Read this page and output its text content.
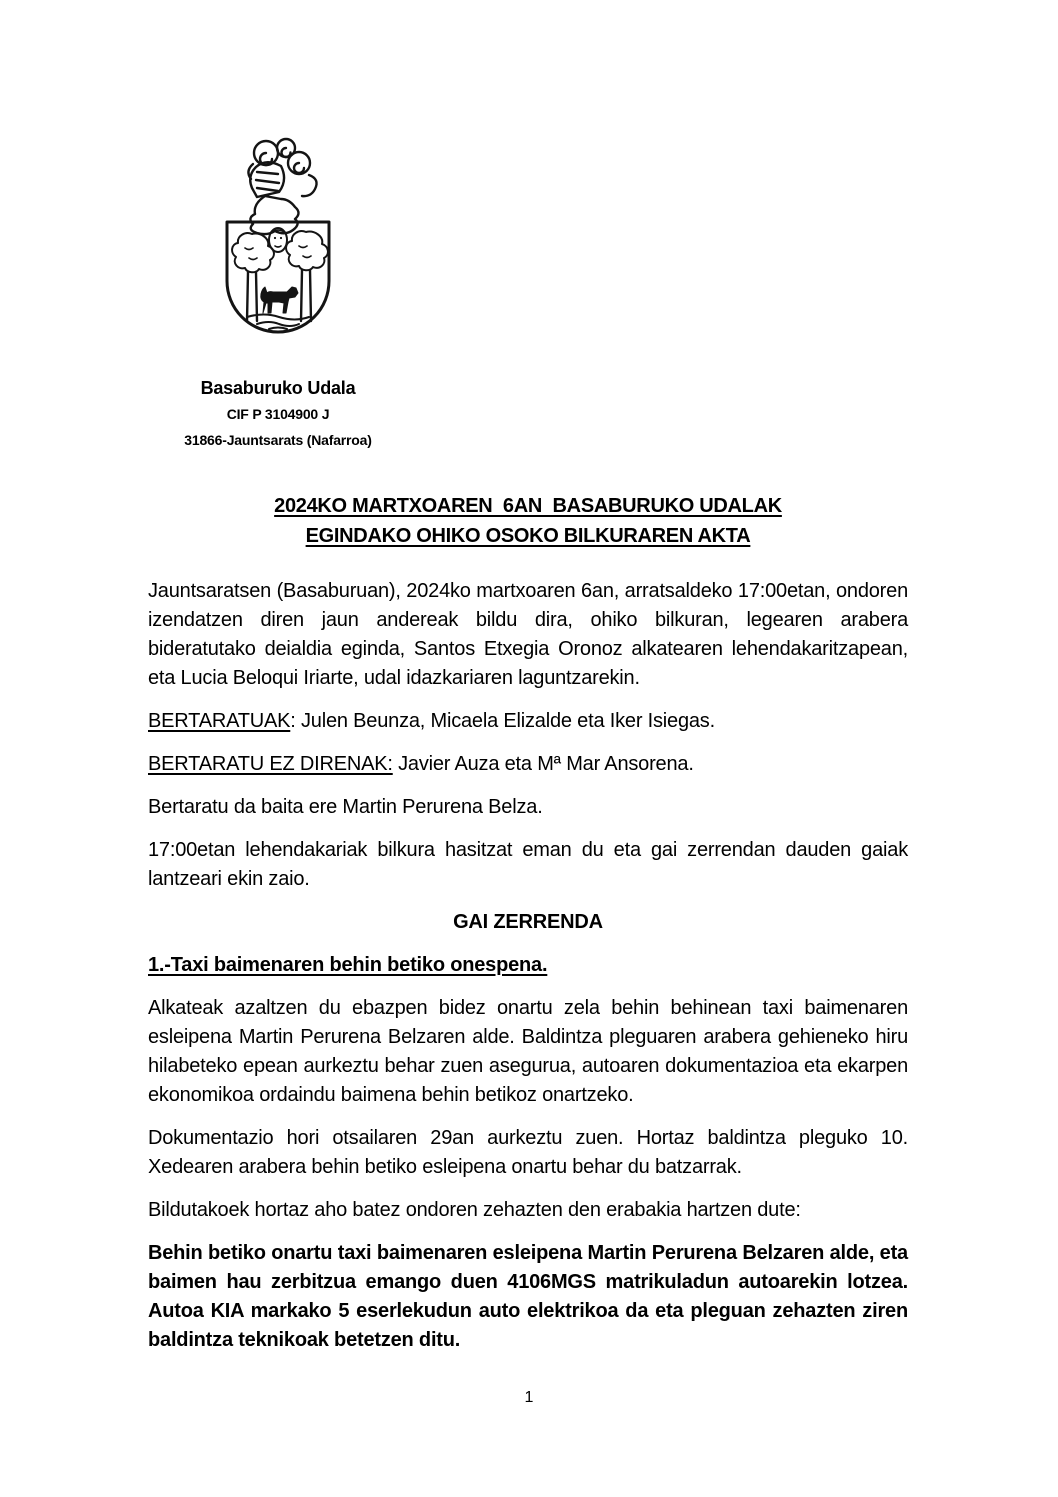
Basaburuko Udala
CIF P 3104900 J
31866-Jauntsarats (Nafarroa)
2024KO MARTXOAREN  6AN  BASABURUKO UDALAK
EGINDAKO OHIKO OSOKO BILKURAREN AKTA

Jauntsaratsen (Basaburuan), 2024ko martxoaren 6an, arratsaldeko 17:00etan, ondoren izendatzen diren jaun andereak bildu dira, ohiko bilkuran, legearen arabera bideratutako deialdia eginda, Santos Etxegia Oronoz alkatearen lehendakaritzapean, eta Lucia Beloqui Iriarte, udal idazkariaren laguntzarekin.

BERTARATUAK: Julen Beunza, Micaela Elizalde eta Iker Isiegas.

BERTARATU EZ DIRENAK: Javier Auza eta Mª Mar Ansorena.

Bertaratu da baita ere Martin Perurena Belza.

17:00etan lehendakariak bilkura hasitzat eman du eta gai zerrendan dauden gaiak lantzeari ekin zaio.

GAI ZERRENDA
1.-Taxi baimenaren behin betiko onespena.

Alkateak azaltzen du ebazpen bidez onartu zela behin behinean taxi baimenaren esleipena Martin Perurena Belzaren alde. Baldintza pleguaren arabera gehieneko hiru hilabeteko epean aurkeztu behar zuen asegurua, autoaren dokumentazioa eta ekarpen ekonomikoa ordaindu baimena behin betikoz onartzeko.

Dokumentazio hori otsailaren 29an aurkeztu zuen. Hortaz baldintza pleguko 10. Xedearen arabera behin betiko esleipena onartu behar du batzarrak.

Bildutakoek hortaz aho batez ondoren zehazten den erabakia hartzen dute:

Behin betiko onartu taxi baimenaren esleipena Martin Perurena Belzaren alde, eta baimen hau zerbitzua emango duen 4106MGS matrikuladun autoarekin lotzea. Autoa KIA markako 5 eserlekudun auto elektrikoa da eta pleguan zehazten ziren baldintza teknikoak betetzen ditu.

1
